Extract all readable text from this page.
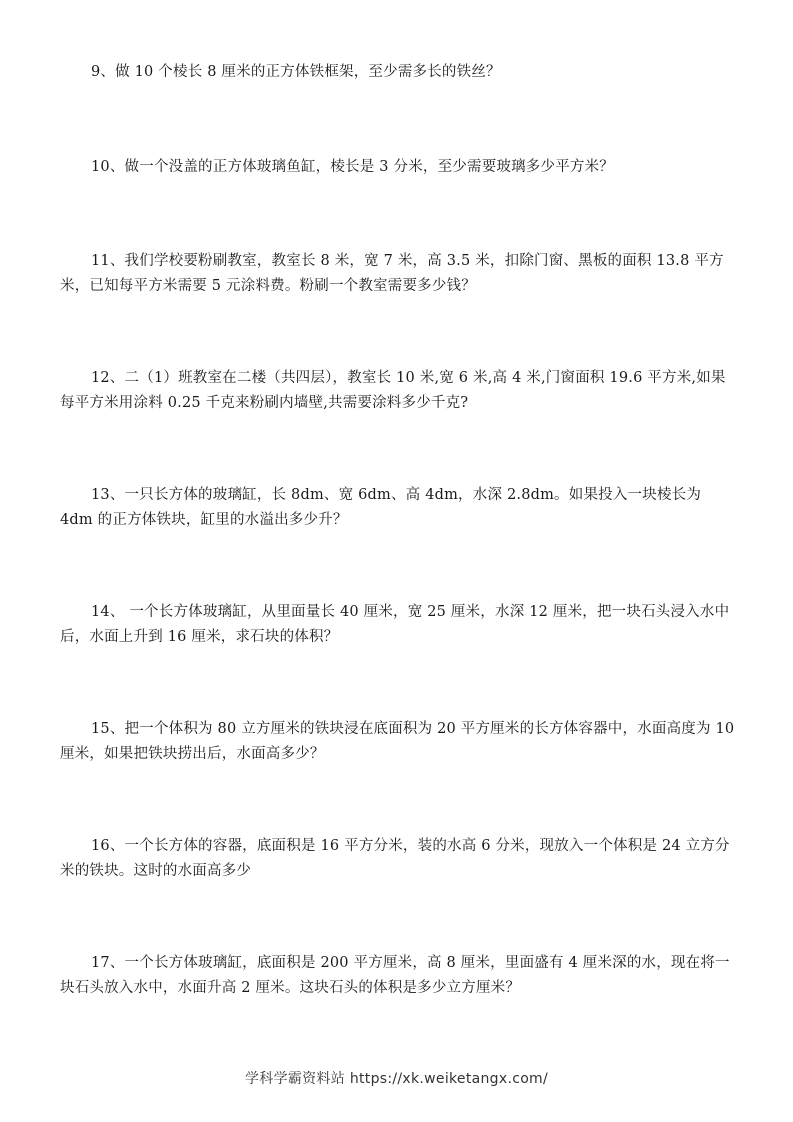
9、做 10 个棱长 8 厘米的正方体铁框架，至少需多长的铁丝？

10、做一个没盖的正方体玻璃鱼缸，棱长是 3 分米，至少需要玻璃多少平方米？

11、我们学校要粉刷教室，教室长 8 米，宽 7 米，高 3.5 米，扣除门窗、黑板的面积 13.8 平方米，已知每平方米需要 5 元涂料费。粉刷一个教室需要多少钱？

12、二（1）班教室在二楼（共四层），教室长 10 米,宽 6 米,高 4 米,门窗面积 19.6 平方米,如果每平方米用涂料 0.25 千克来粉刷内墙壁,共需要涂料多少千克?

13、一只长方体的玻璃缸，长 8dm、宽 6dm、高 4dm，水深 2.8dm。如果投入一块棱长为 4dm 的正方体铁块，缸里的水溢出多少升？

14、 一个长方体玻璃缸，从里面量长 40 厘米，宽 25 厘米，水深 12 厘米，把一块石头浸入水中后，水面上升到 16 厘米，求石块的体积？

15、把一个体积为 80 立方厘米的铁块浸在底面积为 20 平方厘米的长方体容器中，水面高度为 10 厘米，如果把铁块捞出后，水面高多少？

16、一个长方体的容器，底面积是 16 平方分米，装的水高 6 分米，现放入一个体积是 24 立方分米的铁块。这时的水面高多少

17、一个长方体玻璃缸，底面积是 200 平方厘米，高 8 厘米，里面盛有 4 厘米深的水，现在将一块石头放入水中，水面升高 2 厘米。这块石头的体积是多少立方厘米？

学科学霸资料站 https://xk.weiketangx.com/
